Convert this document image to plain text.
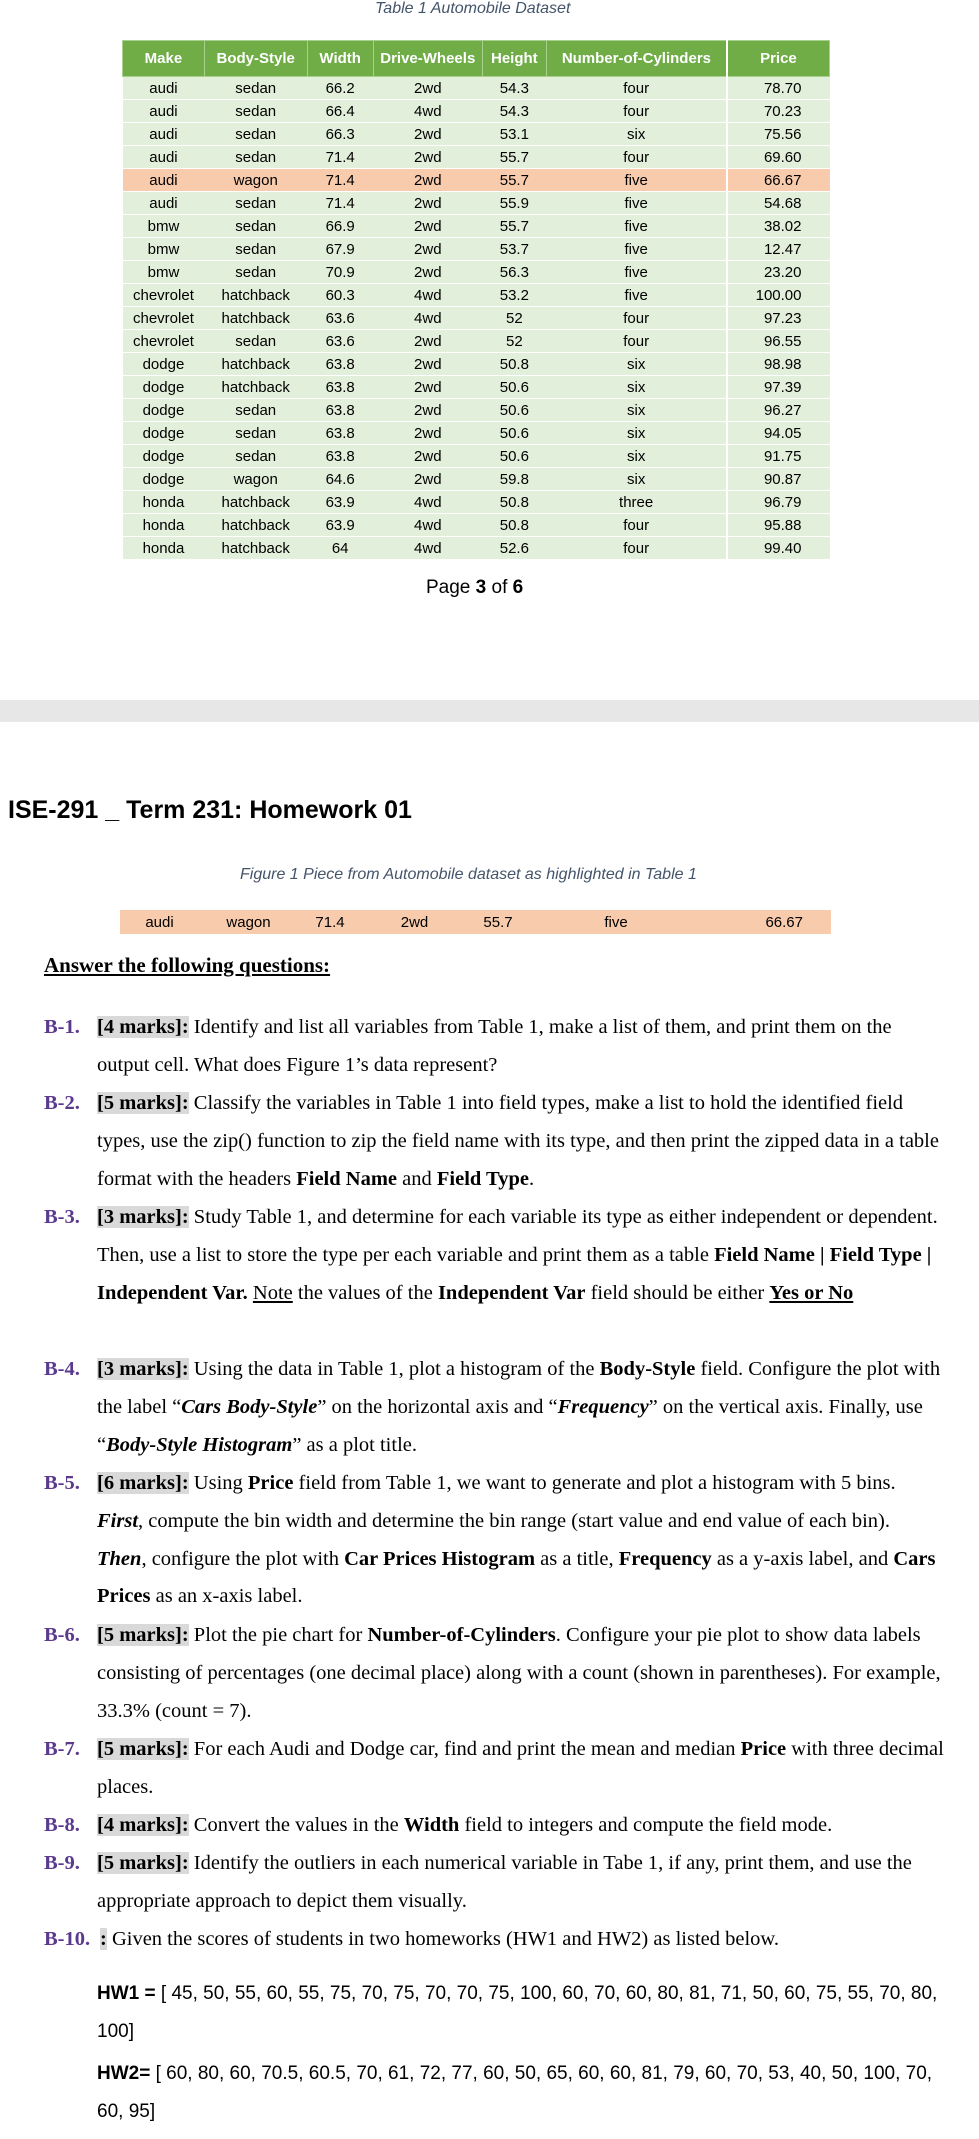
Table 1 Automobile Dataset
Make	Body-Style	Width	Drive-Wheels	Height	Number-of-Cylinders	Price
audi	sedan	66.2	2wd	54.3	four	78.70
audi	sedan	66.4	4wd	54.3	four	70.23
audi	sedan	66.3	2wd	53.1	six	75.56
audi	sedan	71.4	2wd	55.7	four	69.60
audi	wagon	71.4	2wd	55.7	five	66.67
audi	sedan	71.4	2wd	55.9	five	54.68
bmw	sedan	66.9	2wd	55.7	five	38.02
bmw	sedan	67.9	2wd	53.7	five	12.47
bmw	sedan	70.9	2wd	56.3	five	23.20
chevrolet	hatchback	60.3	4wd	53.2	five	100.00
chevrolet	hatchback	63.6	4wd	52	four	97.23
chevrolet	sedan	63.6	2wd	52	four	96.55
dodge	hatchback	63.8	2wd	50.8	six	98.98
dodge	hatchback	63.8	2wd	50.6	six	97.39
dodge	sedan	63.8	2wd	50.6	six	96.27
dodge	sedan	63.8	2wd	50.6	six	94.05
dodge	sedan	63.8	2wd	50.6	six	91.75
dodge	wagon	64.6	2wd	59.8	six	90.87
honda	hatchback	63.9	4wd	50.8	three	96.79
honda	hatchback	63.9	4wd	50.8	four	95.88
honda	hatchback	64	4wd	52.6	four	99.40
Page 3 of 6
ISE-291 _ Term 231: Homework 01
Figure 1 Piece from Automobile dataset as highlighted in Table 1
audi	wagon	71.4	2wd	55.7	five	66.67
Answer the following questions:
B-1. [4 marks]: Identify and list all variables from Table 1, make a list of them, and print them on the output cell. What does Figure 1’s data represent?
B-2. [5 marks]: Classify the variables in Table 1 into field types, make a list to hold the identified field types, use the zip() function to zip the field name with its type, and then print the zipped data in a table format with the headers Field Name and Field Type.
B-3. [3 marks]: Study Table 1, and determine for each variable its type as either independent or dependent. Then, use a list to store the type per each variable and print them as a table Field Name | Field Type | Independent Var. Note the values of the Independent Var field should be either Yes or No
B-4. [3 marks]: Using the data in Table 1, plot a histogram of the Body-Style field. Configure the plot with the label “Cars Body-Style” on the horizontal axis and “Frequency” on the vertical axis. Finally, use “Body-Style Histogram” as a plot title.
B-5. [6 marks]: Using Price field from Table 1, we want to generate and plot a histogram with 5 bins. First, compute the bin width and determine the bin range (start value and end value of each bin). Then, configure the plot with Car Prices Histogram as a title, Frequency as a y-axis label, and Cars Prices as an x-axis label.
B-6. [5 marks]: Plot the pie chart for Number-of-Cylinders. Configure your pie plot to show data labels consisting of percentages (one decimal place) along with a count (shown in parentheses). For example, 33.3% (count = 7).
B-7. [5 marks]: For each Audi and Dodge car, find and print the mean and median Price with three decimal places.
B-8. [4 marks]: Convert the values in the Width field to integers and compute the field mode.
B-9. [5 marks]: Identify the outliers in each numerical variable in Tabe 1, if any, print them, and use the appropriate approach to depict them visually.
B-10. : Given the scores of students in two homeworks (HW1 and HW2) as listed below.
HW1 = [ 45, 50, 55, 60, 55, 75, 70, 75, 70, 70, 75, 100, 60, 70, 60, 80, 81, 71, 50, 60, 75, 55, 70, 80, 100]
HW2= [ 60, 80, 60, 70.5, 60.5, 70, 61, 72, 77, 60, 50, 65, 60, 60, 81, 79, 60, 70, 53, 40, 50, 100, 70, 60, 95]
